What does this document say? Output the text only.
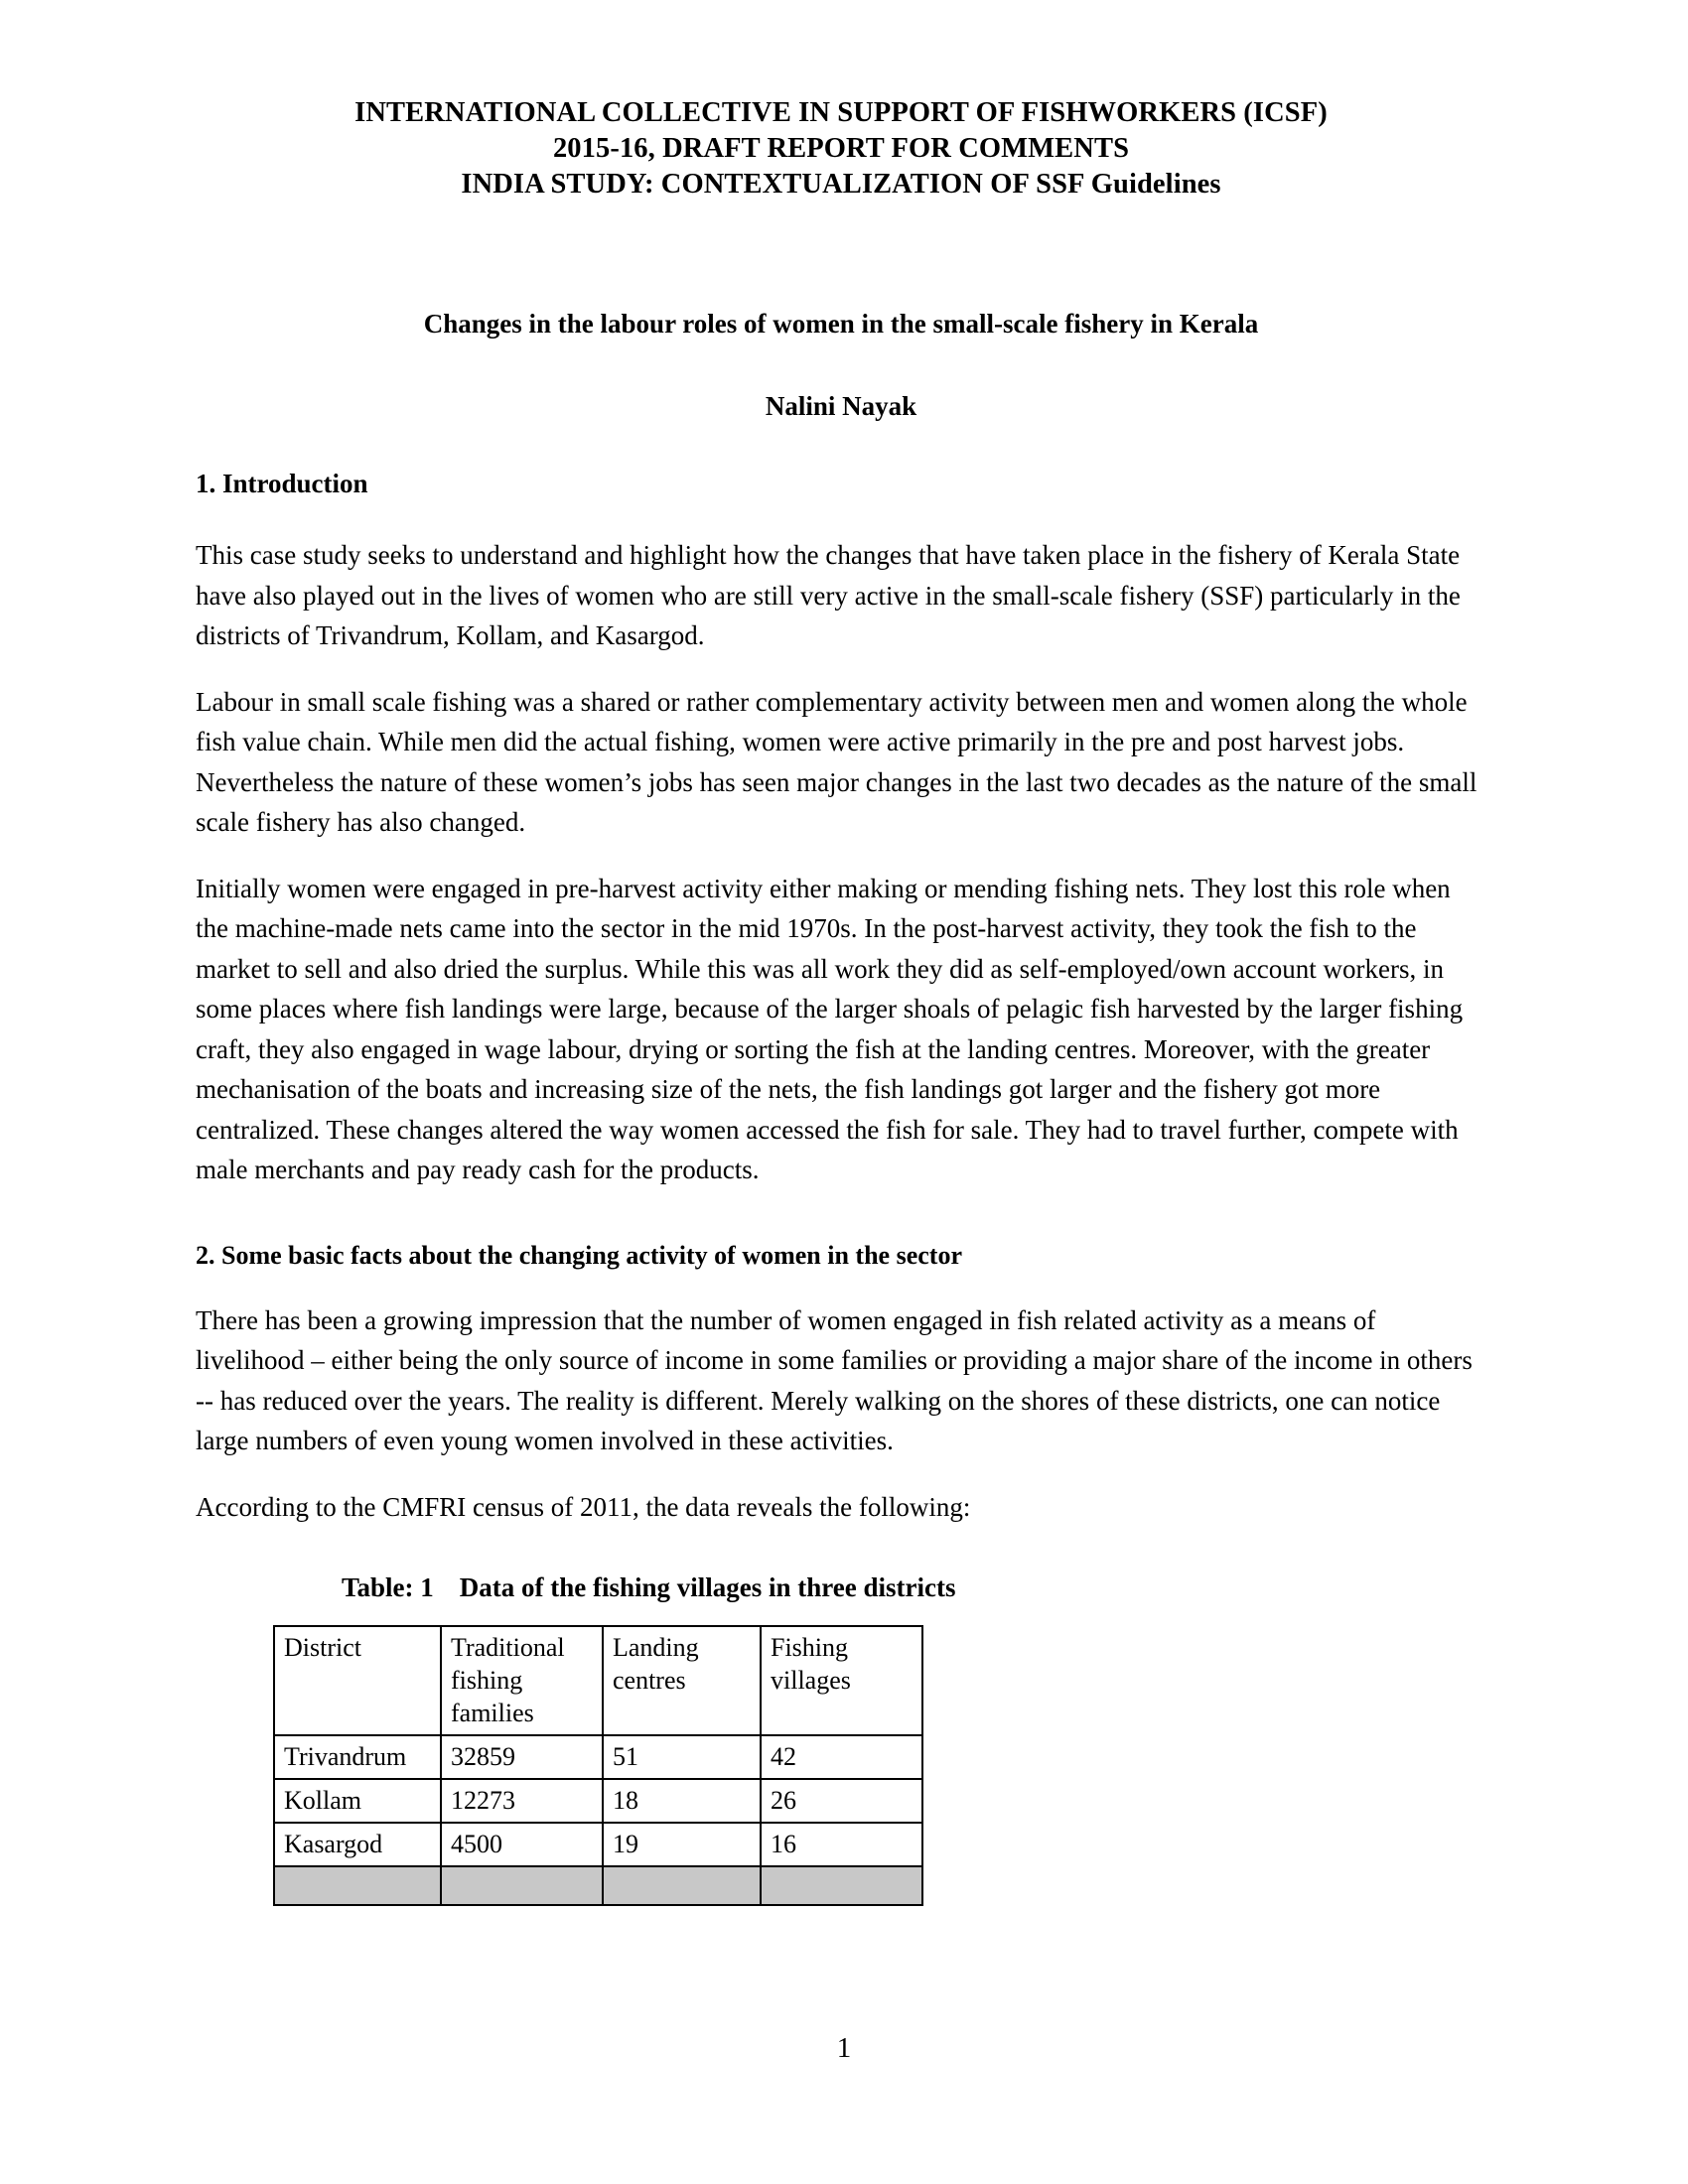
INTERNATIONAL COLLECTIVE IN SUPPORT OF FISHWORKERS (ICSF)
2015-16, DRAFT REPORT FOR COMMENTS
INDIA STUDY: CONTEXTUALIZATION OF SSF Guidelines
Changes in the labour roles of women in the small-scale fishery in Kerala
Nalini Nayak
1. Introduction

This case study seeks to understand and highlight how the changes that have taken place in the fishery of Kerala State have also played out in the lives of women who are still very active in the small-scale fishery (SSF) particularly in the districts of Trivandrum, Kollam, and Kasargod.

Labour in small scale fishing was a shared or rather complementary activity between men and women along the whole fish value chain. While men did the actual fishing, women were active primarily in the pre and post harvest jobs. Nevertheless the nature of these women’s jobs has seen major changes in the last two decades as the nature of the small scale fishery has also changed.

Initially women were engaged in pre-harvest activity either making or mending fishing nets. They lost this role when the machine-made nets came into the sector in the mid 1970s. In the post-harvest activity, they took the fish to the market to sell and also dried the surplus. While this was all work they did as self-employed/own account workers, in some places where fish landings were large, because of the larger shoals of pelagic fish harvested by the larger fishing craft, they also engaged in wage labour, drying or sorting the fish at the landing centres. Moreover, with the greater mechanisation of the boats and increasing size of the nets, the fish landings got larger and the fishery got more centralized. These changes altered the way women accessed the fish for sale. They had to travel further, compete with male merchants and pay ready cash for the products.

2. Some basic facts about the changing activity of women in the sector

There has been a growing impression that the number of women engaged in fish related activity as a means of livelihood – either being the only source of income in some families or providing a major share of the income in others -- has reduced over the years. The reality is different. Merely walking on the shores of these districts, one can notice large numbers of even young women involved in these activities.

According to the CMFRI census of 2011, the data reveals the following:

Table: 1 Data of the fishing villages in three districts
District	Traditional fishing families	Landing centres	Fishing villages
Trivandrum	32859	51	42
Kollam	12273	18	26
Kasargod	4500	19	16

1
